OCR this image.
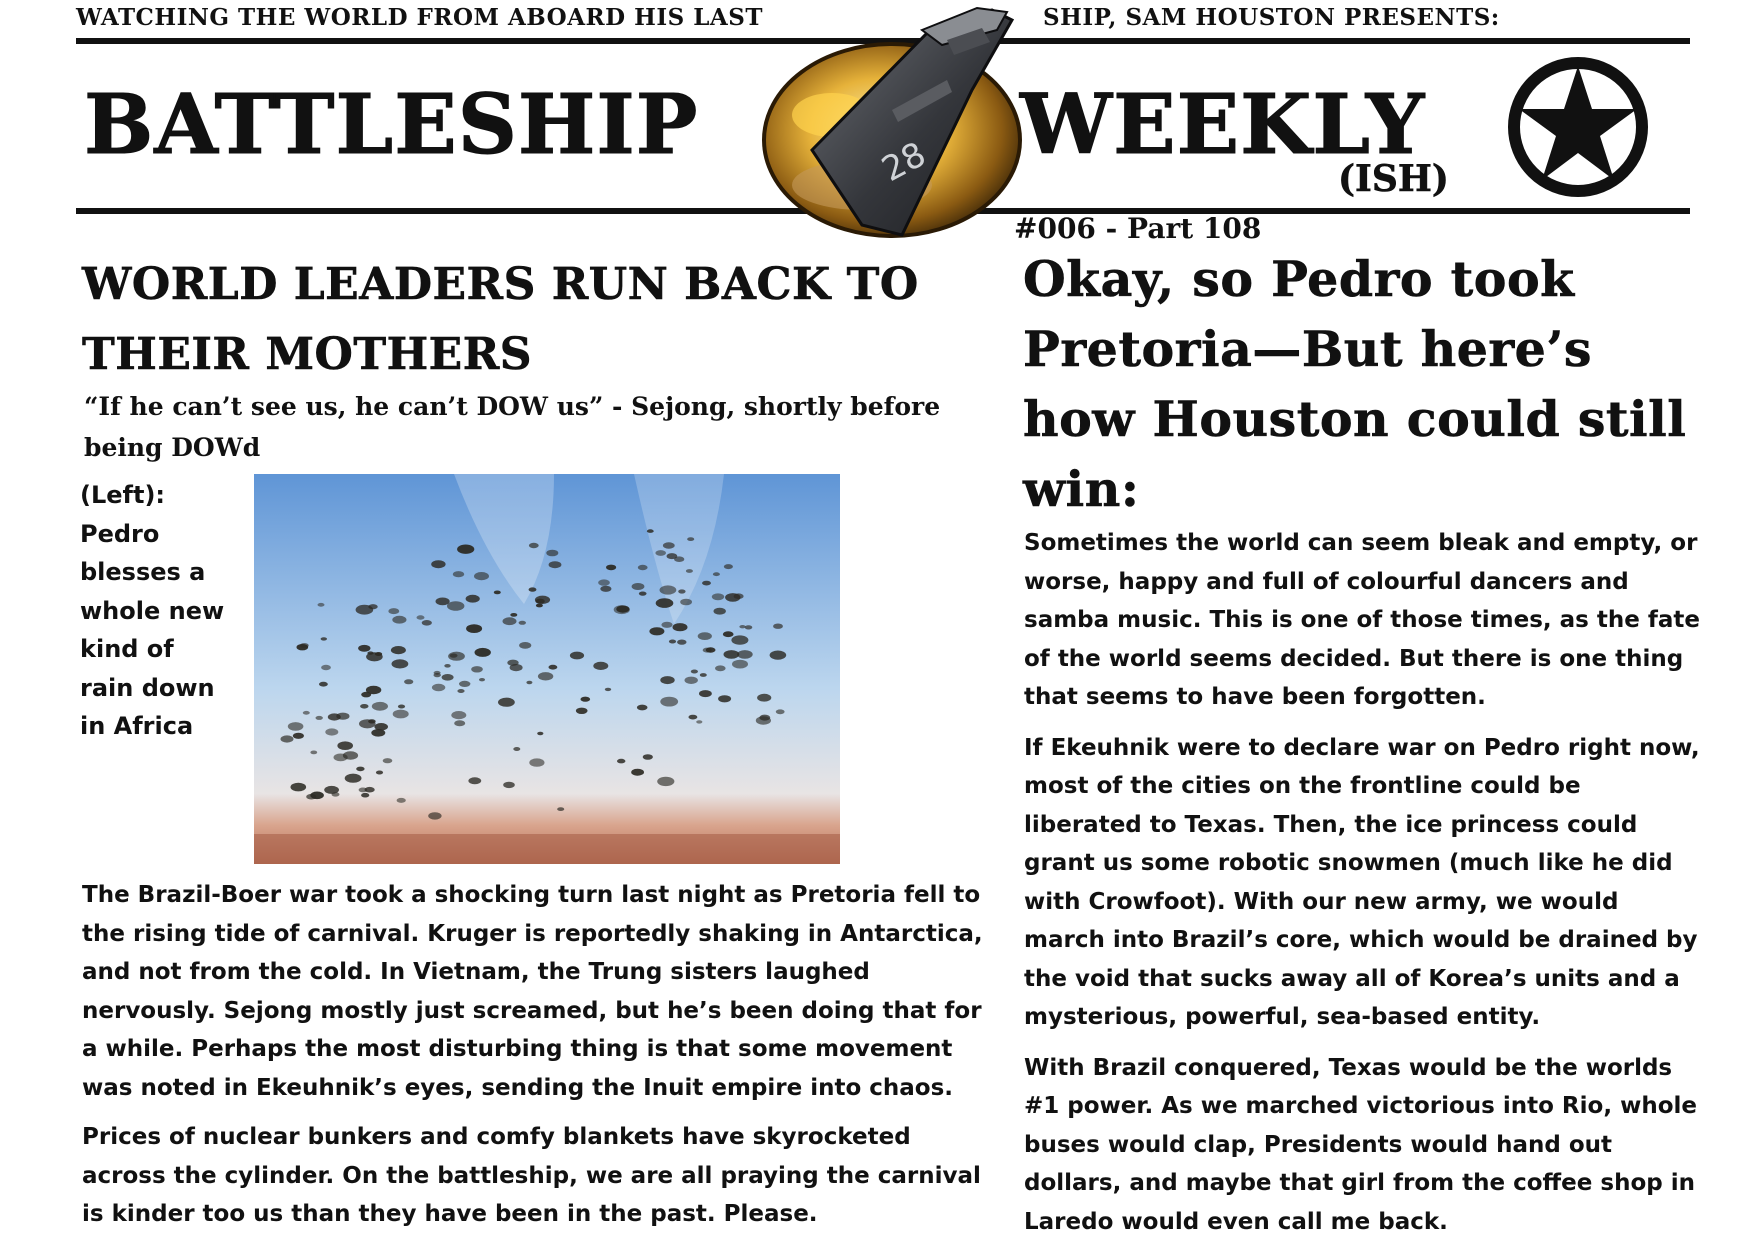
WATCHING THE WORLD FROM ABOARD HIS LAST	SHIP, SAM HOUSTON PRESENTS:
BATTLESHIP	WEEKLY
(ISH)
28
#006 - Part 108
WORLD LEADERS RUN BACK TO THEIR MOTHERS
“If he can’t see us, he can’t DOW us” - Sejong, shortly before being DOWd
(Left): Pedro blesses a whole new kind of rain down in Africa

The Brazil-Boer war took a shocking turn last night as Pretoria fell to the rising tide of carnival. Kruger is reportedly shaking in Antarctica, and not from the cold. In Vietnam, the Trung sisters laughed nervously. Sejong mostly just screamed, but he’s been doing that for a while. Perhaps the most disturbing thing is that some movement was noted in Ekeuhnik’s eyes, sending the Inuit empire into chaos.

Prices of nuclear bunkers and comfy blankets have skyrocketed across the cylinder. On the battleship, we are all praying the carnival is kinder too us than they have been in the past. Please.

Okay, so Pedro took Pretoria—But here’s how Houston could still win:

Sometimes the world can seem bleak and empty, or worse, happy and full of colourful dancers and samba music. This is one of those times, as the fate of the world seems decided. But there is one thing that seems to have been forgotten.

If Ekeuhnik were to declare war on Pedro right now, most of the cities on the frontline could be liberated to Texas. Then, the ice princess could grant us some robotic snowmen (much like he did with Crowfoot). With our new army, we would march into Brazil’s core, which would be drained by the void that sucks away all of Korea’s units and a mysterious, powerful, sea-based entity.

With Brazil conquered, Texas would be the worlds #1 power. As we marched victorious into Rio, whole buses would clap, Presidents would hand out dollars, and maybe that girl from the coffee shop in Laredo would even call me back.
